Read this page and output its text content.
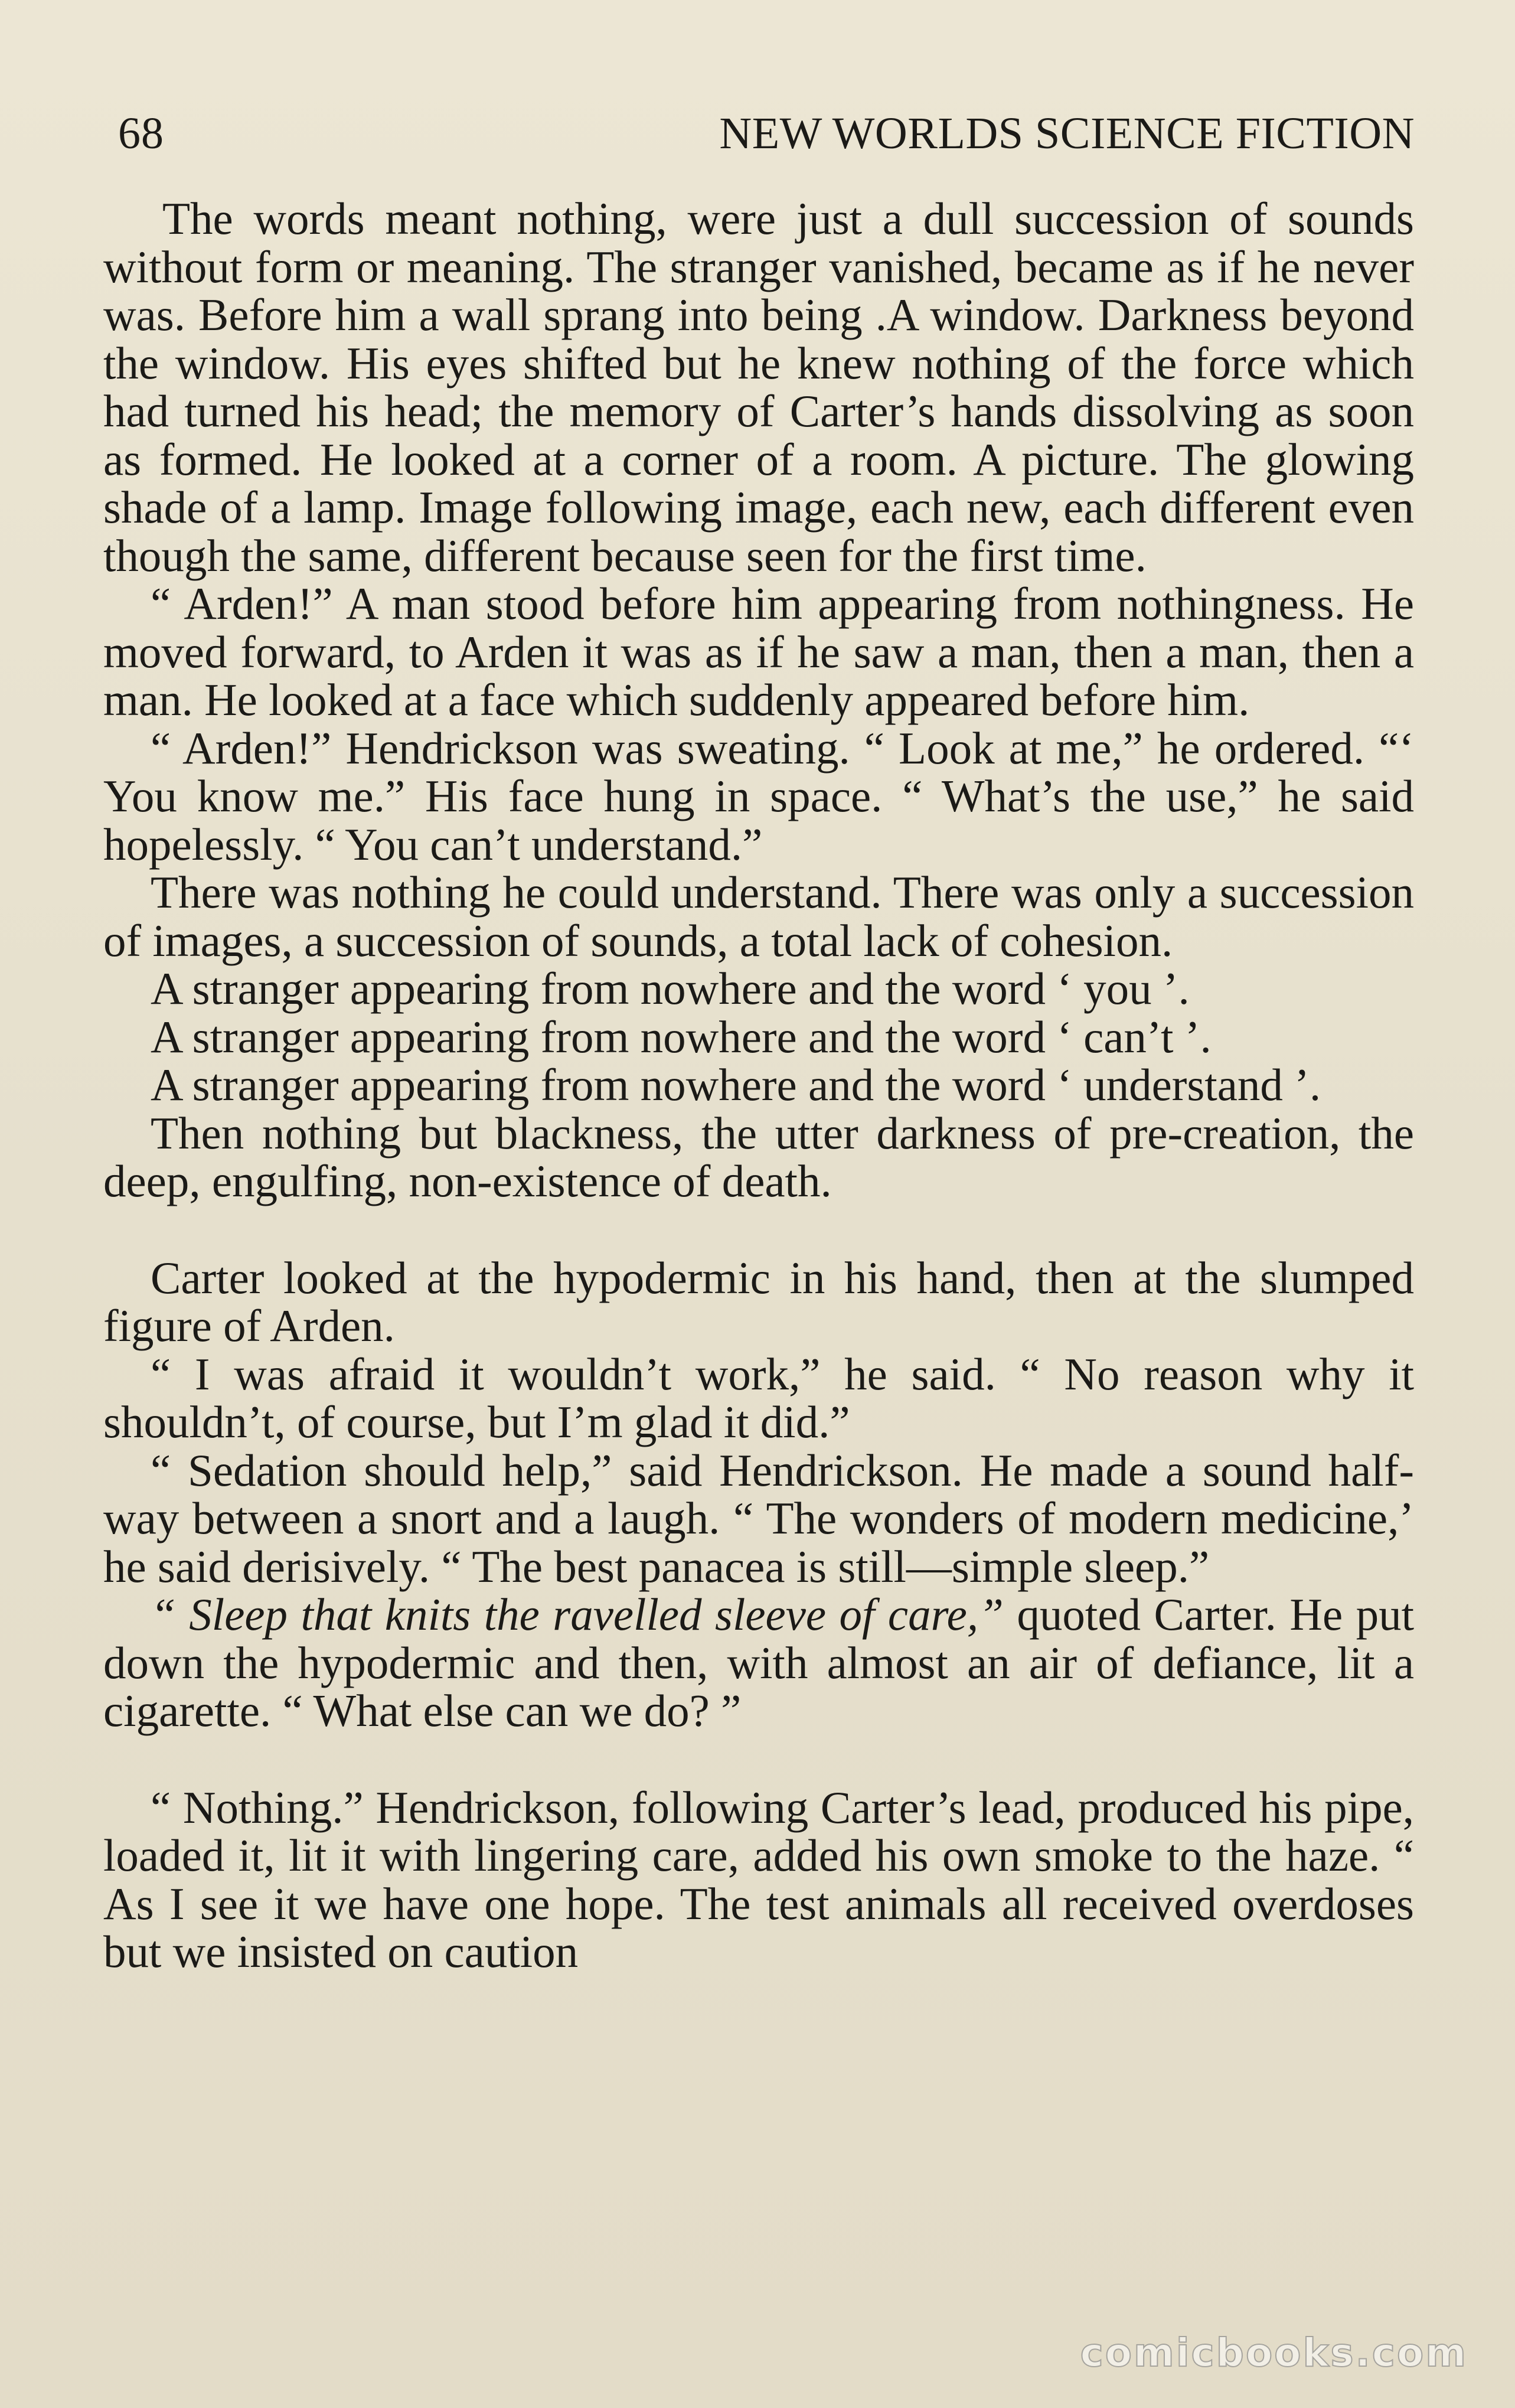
68	NEW WORLDS SCIENCE FICTION

The words meant nothing, were just a dull succession of sounds without form or meaning. The stranger vanished, became as if he never was. Before him a wall sprang into being .A window. Darkness beyond the window. His eyes shifted but he knew nothing of the force which had turned his head; the memory of Carter’s hands dissolving as soon as formed. He looked at a corner of a room. A picture. The glowing shade of a lamp. Image following image, each new, each different even though the same, different because seen for the first time.

“ Arden!” A man stood before him appearing from nothingness. He moved forward, to Arden it was as if he saw a man, then a man, then a man. He looked at a face which suddenly appeared before him.

“ Arden!” Hendrickson was sweating. “ Look at me,” he ordered. “‘ You know me.” His face hung in space. “ What’s the use,” he said hopelessly. “ You can’t understand.”

There was nothing he could understand. There was only a succession of images, a succession of sounds, a total lack of cohesion.

A stranger appearing from nowhere and the word ‘ you ’.

A stranger appearing from nowhere and the word ‘ can’t ’.

A stranger appearing from nowhere and the word ‘ understand ’.

Then nothing but blackness, the utter darkness of pre-creation, the deep, engulfing, non-existence of death.

Carter looked at the hypodermic in his hand, then at the slumped figure of Arden.

“ I was afraid it wouldn’t work,” he said. “ No reason why it shouldn’t, of course, but I’m glad it did.”

“ Sedation should help,” said Hendrickson. He made a sound half-way between a snort and a laugh. “ The wonders of modern medicine,’ he said derisively. “ The best panacea is still—simple sleep.”

“ Sleep that knits the ravelled sleeve of care,” quoted Carter. He put down the hypodermic and then, with almost an air of defiance, lit a cigarette. “ What else can we do? ”

“ Nothing.” Hendrickson, following Carter’s lead, produced his pipe, loaded it, lit it with lingering care, added his own smoke to the haze. “ As I see it we have one hope. The test animals all received overdoses but we insisted on caution

comicbooks.com
